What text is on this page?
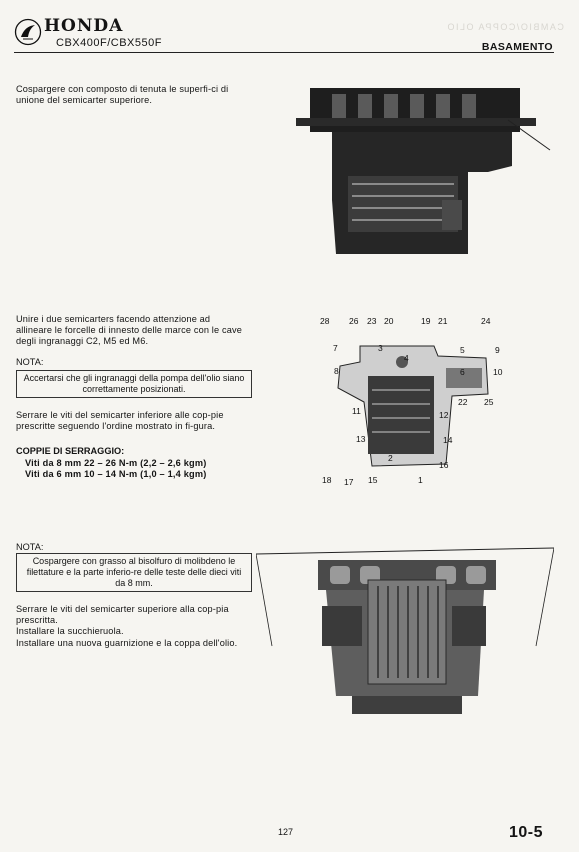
CAMBIO/COPPA OLIO
HONDA
CBX400F/CBX550F	BASAMENTO
Cospargere con composto di tenuta le superfi-ci di unione del semicarter superiore.
Unire i due semicarters facendo attenzione ad allineare le forcelle di innesto delle marce con le cave degli ingranaggi C2, M5 ed M6.
NOTA:
Accertarsi che gli ingranaggi della pompa dell'olio siano correttamente posizionati.
Serrare le viti del semicarter inferiore alle cop-pie prescritte seguendo l'ordine mostrato in fi-gura.
COPPIE DI SERRAGGIO:
Viti da 8 mm 22 – 26 N-m (2,2 – 2,6 kgm)
Viti da 6 mm 10 – 14 N-m (1,0 – 1,4 kgm)
NOTA:
Cospargere con grasso al bisolfuro di molibdeno le filettature e la parte inferio-re delle teste delle dieci viti da 8 mm.
Serrare le viti del semicarter superiore alla cop-pia prescritta.
Installare la succhieruola.
Installare una nuova guarnizione e la coppa dell'olio.
28 26 23 20	19 21	24
7	3	5	9
8	6	10
22 25
11	12
14
13
16
18 17 15	1
2
4
127	10-5
